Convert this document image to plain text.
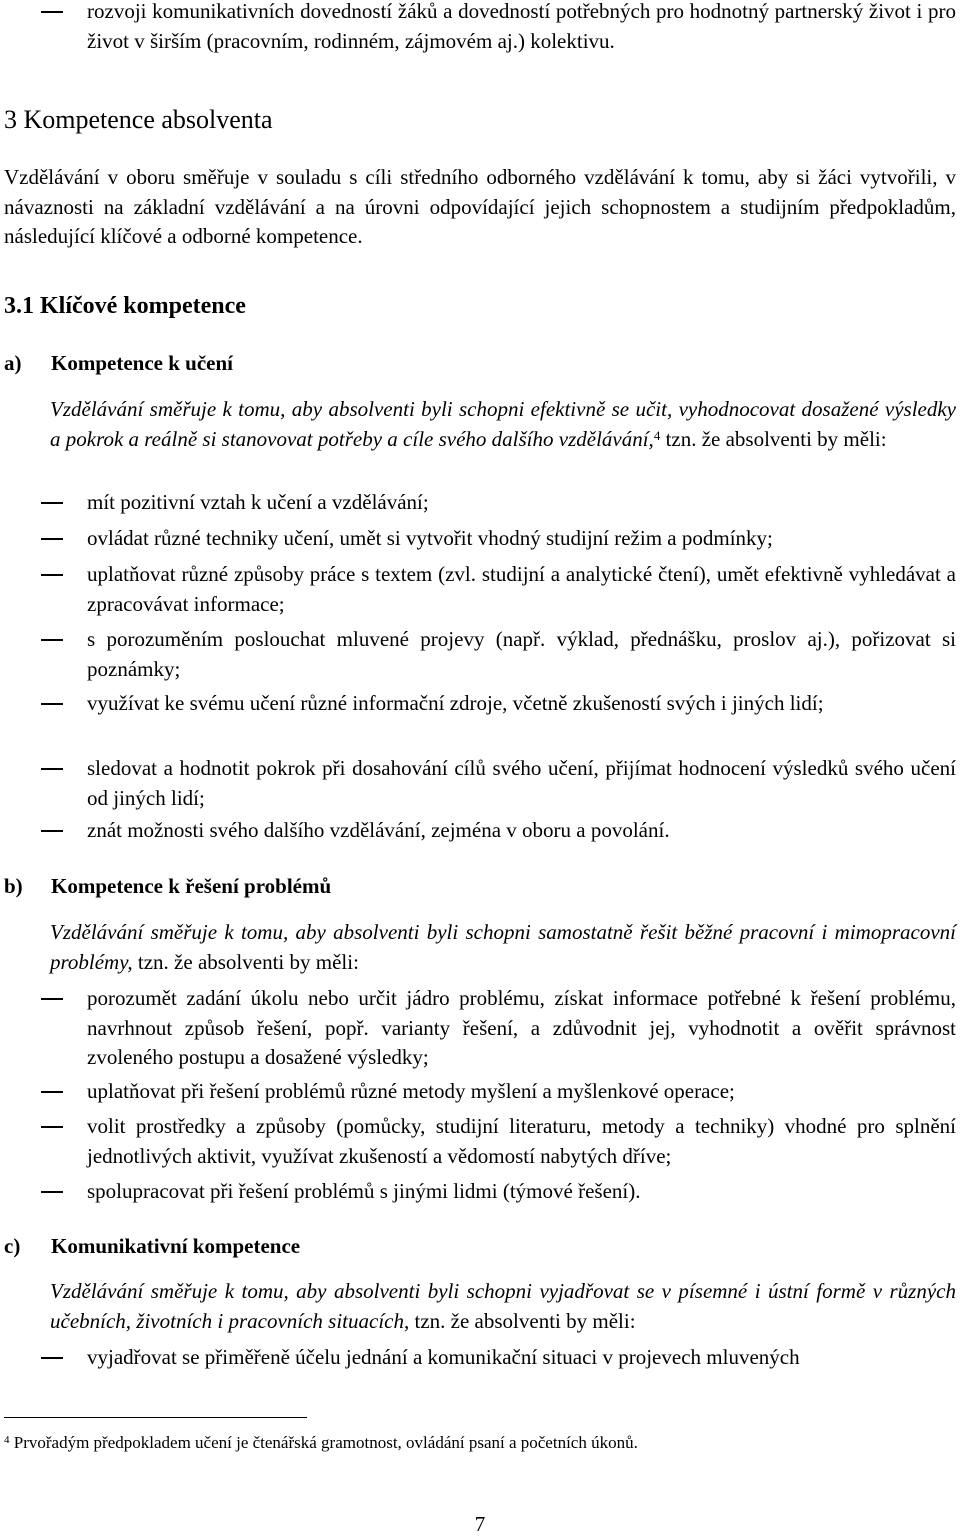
rozvoji komunikativních dovedností žáků a dovedností potřebných pro hodnotný partnerský život i pro život v širším (pracovním, rodinném, zájmovém aj.) kolektivu.
3 Kompetence absolventa

Vzdělávání v oboru směřuje v souladu s cíli středního odborného vzdělávání k tomu, aby si žáci vytvořili, v návaznosti na základní vzdělávání a na úrovni odpovídající jejich schopnostem a studijním předpokladům, následující klíčové a odborné kompetence.

3.1 Klíčové kompetence
a) Kompetence k učení

Vzdělávání směřuje k tomu, aby absolventi byli schopni efektivně se učit, vyhodnocovat dosažené výsledky a pokrok a reálně si stanovovat potřeby a cíle svého dalšího vzdělávání,$^4$ tzn. že absolventi by měli:

mít pozitivní vztah k učení a vzdělávání;
ovládat různé techniky učení, umět si vytvořit vhodný studijní režim a podmínky;
uplatňovat různé způsoby práce s textem (zvl. studijní a analytické čtení), umět efektivně vyhledávat a zpracovávat informace;
s porozuměním poslouchat mluvené projevy (např. výklad, přednášku, proslov aj.), pořizovat si poznámky;
využívat ke svému učení různé informační zdroje, včetně zkušeností svých i jiných lidí;
sledovat a hodnotit pokrok při dosahování cílů svého učení, přijímat hodnocení výsledků svého učení od jiných lidí;
znát možnosti svého dalšího vzdělávání, zejména v oboru a povolání.
b) Kompetence k řešení problémů

Vzdělávání směřuje k tomu, aby absolventi byli schopni samostatně řešit běžné pracovní i mimopracovní problémy, tzn. že absolventi by měli:

porozumět zadání úkolu nebo určit jádro problému, získat informace potřebné k řešení problému, navrhnout způsob řešení, popř. varianty řešení, a zdůvodnit jej, vyhodnotit a ověřit správnost zvoleného postupu a dosažené výsledky;
uplatňovat při řešení problémů různé metody myšlení a myšlenkové operace;
volit prostředky a způsoby (pomůcky, studijní literaturu, metody a techniky) vhodné pro splnění jednotlivých aktivit, využívat zkušeností a vědomostí nabytých dříve;
spolupracovat při řešení problémů s jinými lidmi (týmové řešení).
c) Komunikativní kompetence

Vzdělávání směřuje k tomu, aby absolventi byli schopni vyjadřovat se v písemné i ústní formě v různých učebních, životních i pracovních situacích, tzn. že absolventi by měli:

vyjadřovat se přiměřeně účelu jednání a komunikační situaci v projevech mluvených

$^4$ Prvořadým předpokladem učení je čtenářská gramotnost, ovládání psaní a početních úkonů.

7
